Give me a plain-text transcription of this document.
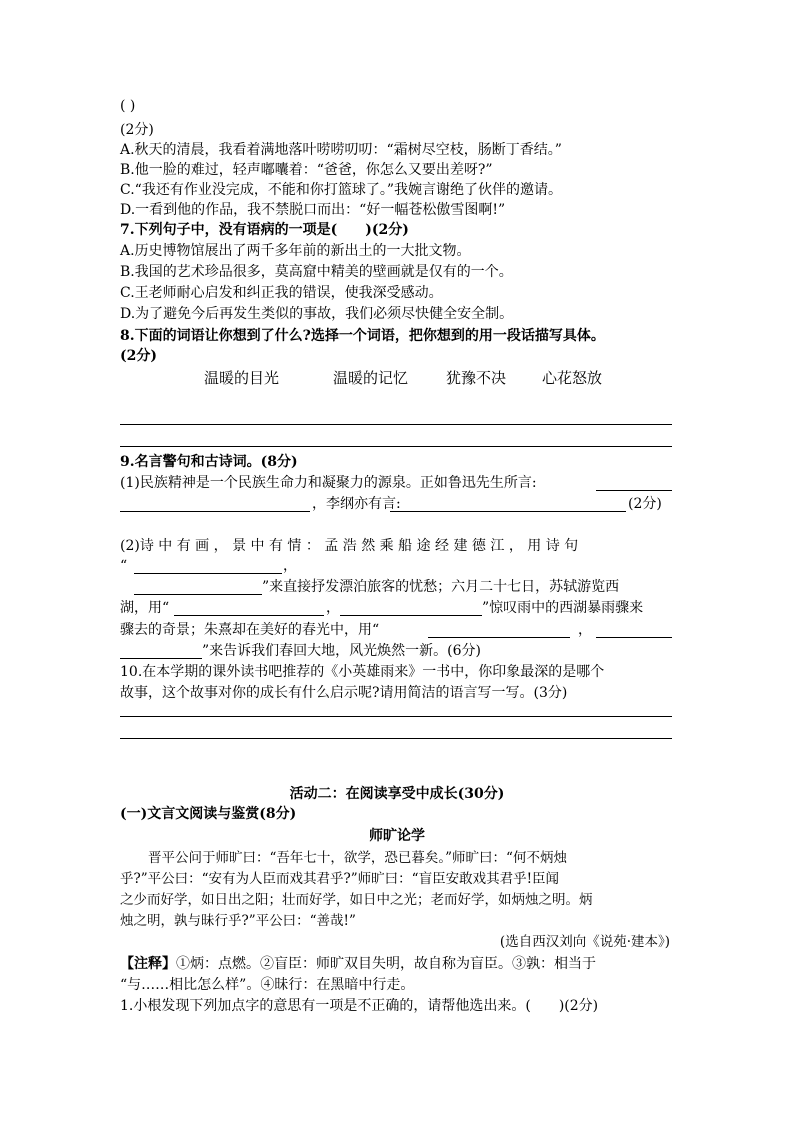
( )
(2分)
A.秋天的清晨，我看着满地落叶唠唠叨叨：“霜树尽空枝，肠断丁香结。”
B.他一脸的难过，轻声嘟囔着：“爸爸，你怎么又要出差呀?”
C.“我还有作业没完成，不能和你打篮球了。”我婉言谢绝了伙伴的邀请。
D.一看到他的作品，我不禁脱口而出：“好一幅苍松傲雪图啊!”
7.下列句子中，没有语病的一项是(　　)(2分)
A.历史博物馆展出了两千多年前的新出土的一大批文物。
B.我国的艺术珍品很多，莫高窟中精美的壁画就是仅有的一个。
C.王老师耐心启发和纠正我的错误，使我深受感动。
D.为了避免今后再发生类似的事故，我们必须尽快健全安全制。
8.下面的词语让你想到了什么?选择一个词语，把你想到的用一段话描写具体。
(2分)
温暖的目光	温暖的记忆	犹豫不决 心花怒放
9.名言警句和古诗词。(8分)
(1)民族精神是一个民族生命力和凝聚力的源泉。正如鲁迅先生所言:
，李纲亦有言:	(2分)
(2)诗 中 有 画 ， 景 中 有 情 ： 孟 浩 然 乘 船 途 经 建 德 江 ， 用 诗 句
“	，
”来直接抒发漂泊旅客的忧愁；六月二十七日，苏轼游览西
湖，用“	，	”惊叹雨中的西湖暴雨骤来
骤去的奇景；朱熹却在美好的春光中，用“	，
”来告诉我们春回大地，风光焕然一新。(6分)
10.在本学期的课外读书吧推荐的《小英雄雨来》一书中，你印象最深的是哪个
故事，这个故事对你的成长有什么启示呢?请用简洁的语言写一写。(3分)
活动二：在阅读享受中成长(30分)
(一)文言文阅读与鉴赏(8分)
师旷论学
晋平公问于师旷曰：“吾年七十，欲学，恐已暮矣。”师旷曰：“何不炳烛
乎?”平公曰：“安有为人臣而戏其君乎?”师旷曰：“盲臣安敢戏其君乎!臣闻
之少而好学，如日出之阳；壮而好学，如日中之光；老而好学，如炳烛之明。炳
烛之明，孰与昧行乎?”平公曰：“善哉!”
(选自西汉刘向《说苑·建本》)
【注释】①炳：点燃。②盲臣：师旷双目失明，故自称为盲臣。③孰：相当于
“与……相比怎么样”。④昧行：在黑暗中行走。
1.小根发现下列加点字的意思有一项是不正确的，请帮他选出来。(　　)(2分)
